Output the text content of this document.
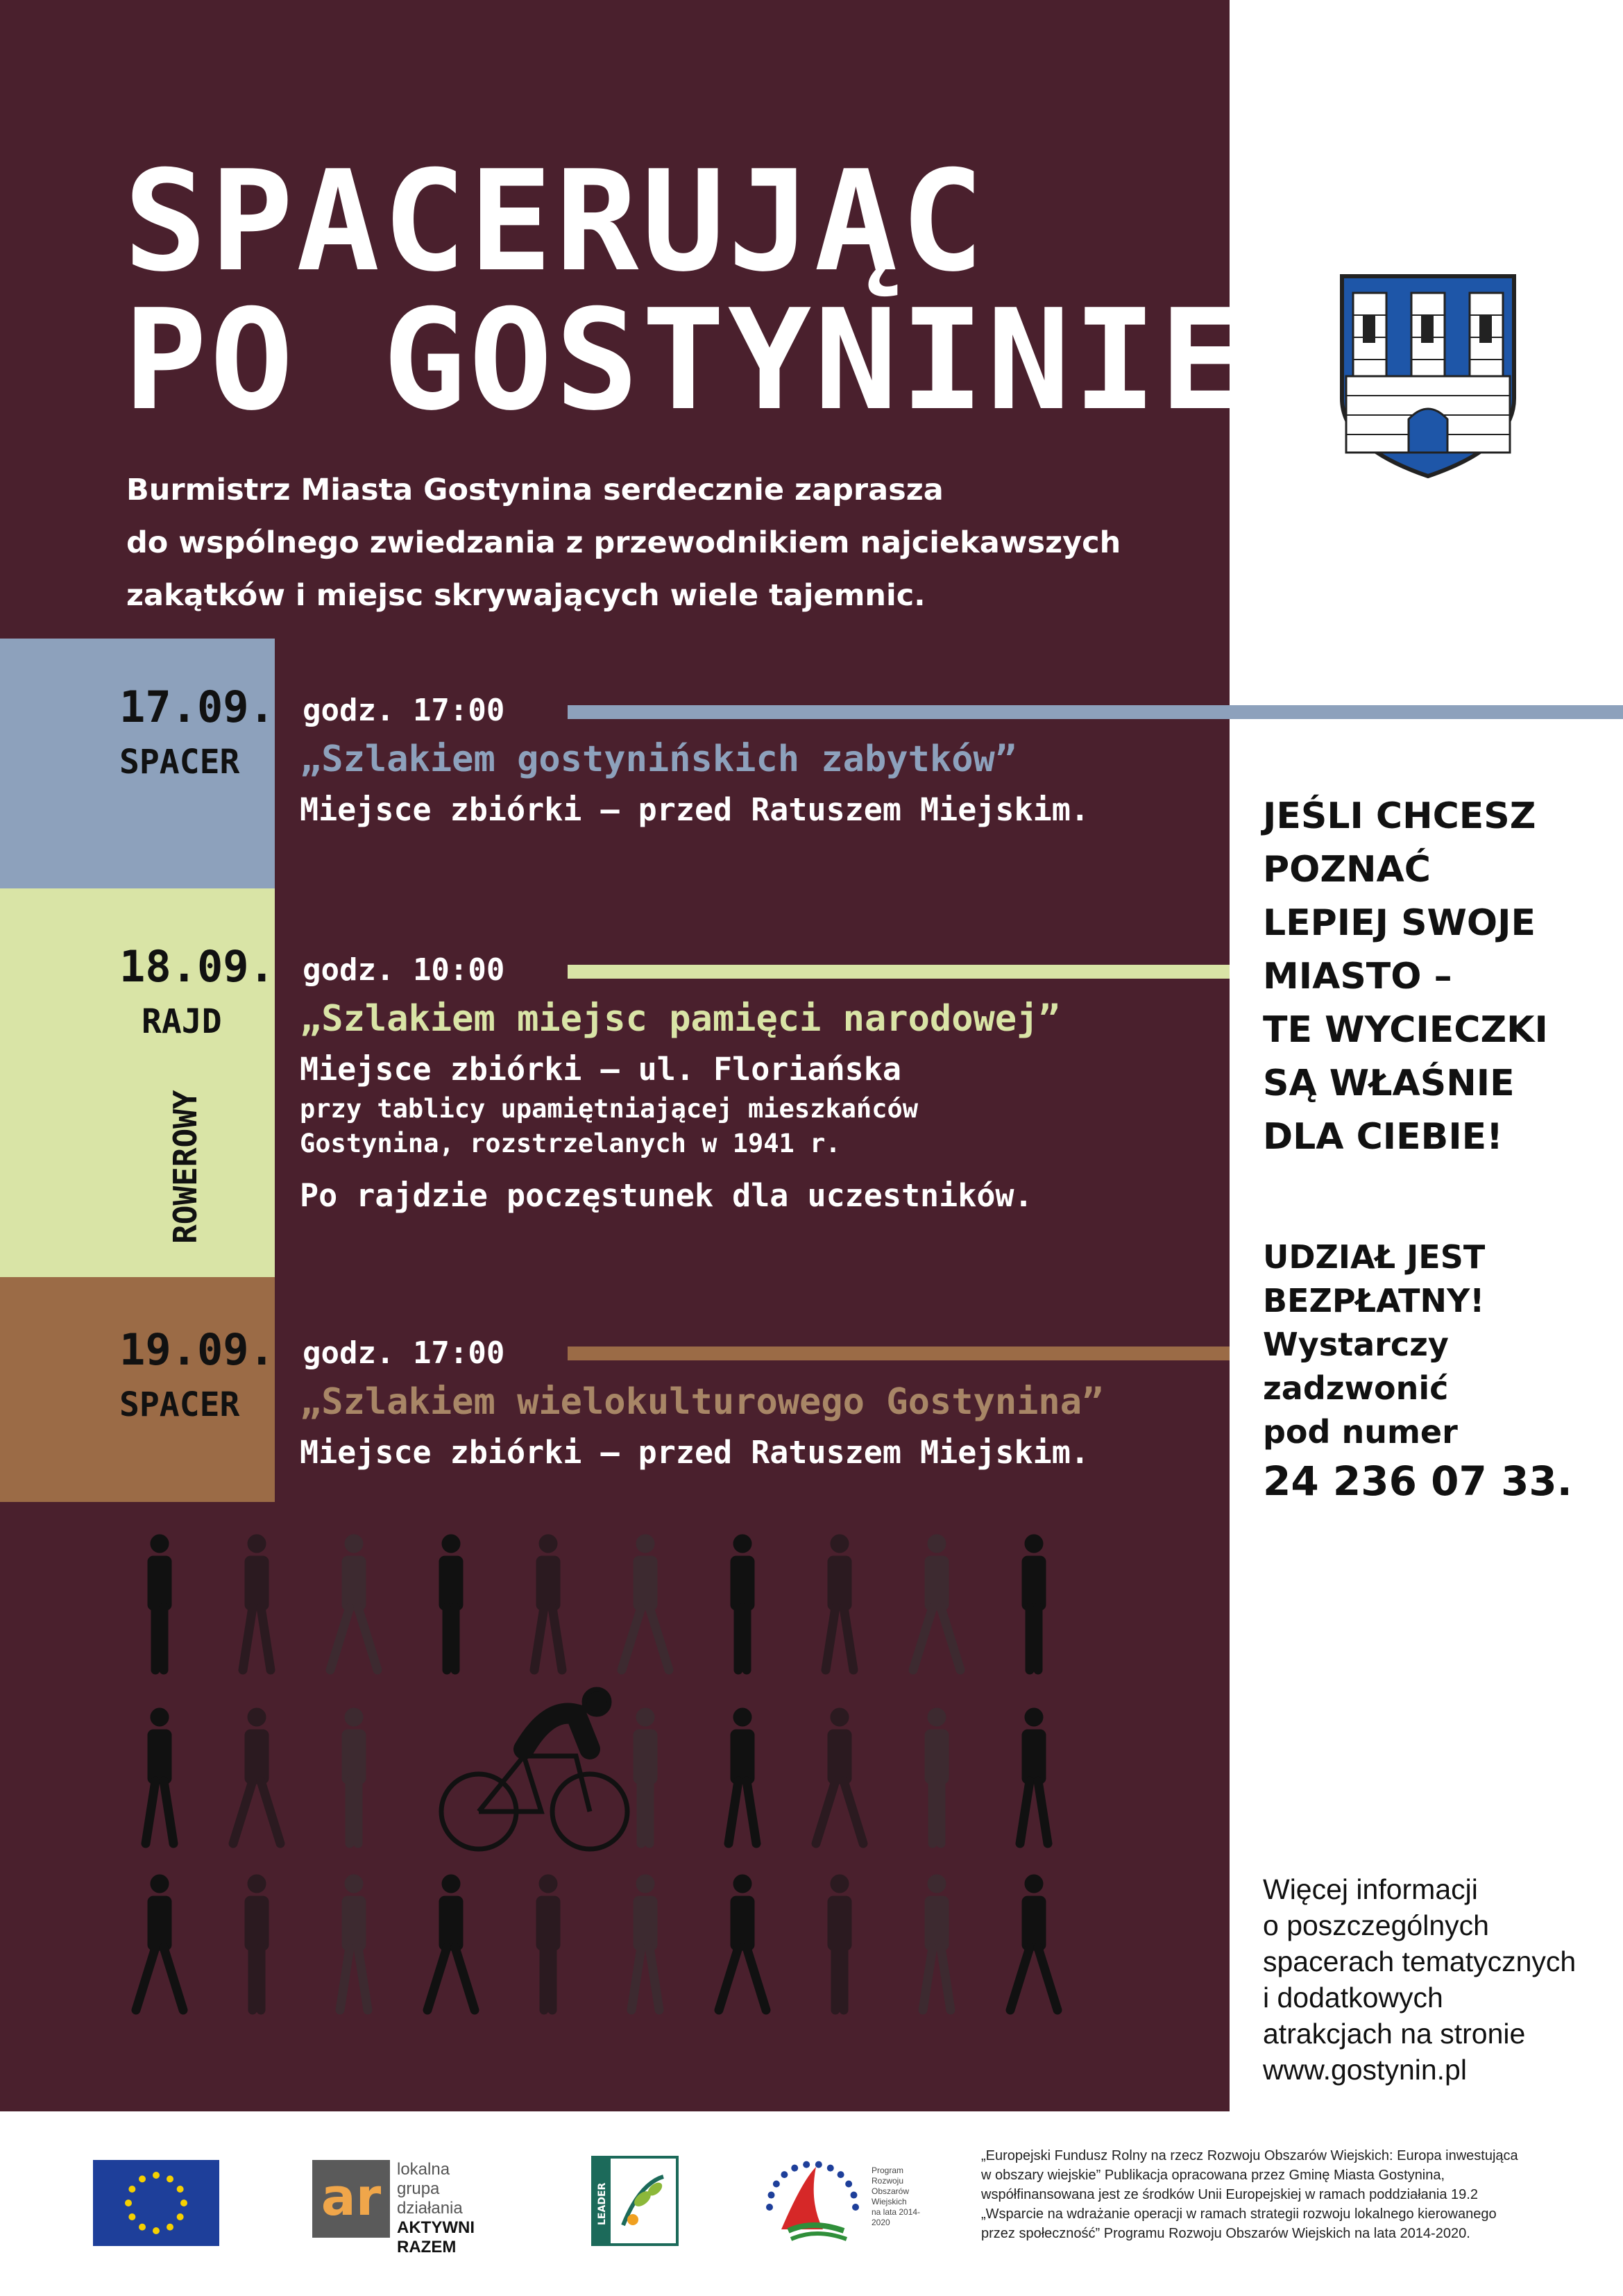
SPACERUJĄC
PO GOSTYNINIE
Burmistrz Miasta Gostynina serdecznie zaprasza
do wspólnego zwiedzania z przewodnikiem najciekawszych
zakątków i miejsc skrywających wiele tajemnic.
17.09.
SPACER
godz. 17:00
„Szlakiem gostynińskich zabytków”
Miejsce zbiórki – przed Ratuszem Miejskim.
18.09.
RAJD
ROWEROWY
godz. 10:00
„Szlakiem miejsc pamięci narodowej”
Miejsce zbiórki – ul. Floriańska
przy tablicy upamiętniającej mieszkańców
Gostynina, rozstrzelanych w 1941 r.
Po rajdzie poczęstunek dla uczestników.
19.09.
SPACER
godz. 17:00
„Szlakiem wielokulturowego Gostynina”
Miejsce zbiórki – przed Ratuszem Miejskim.
JEŚLI CHCESZ
POZNAĆ
LEPIEJ SWOJE
MIASTO –
TE WYCIECZKI
SĄ WŁAŚNIE
DLA CIEBIE!
UDZIAŁ JEST
BEZPŁATNY!
Wystarczy
zadzwonić
pod numer
24 236 07 33.
Więcej informacji
o poszczególnych
spacerach tematycznych
i dodatkowych
atrakcjach na stronie
www.gostynin.pl
ar lokalna
grupa
działania
AKTYWNI RAZEM
LEADER
Program
Rozwoju
Obszarów
Wiejskich
na lata 2014-2020
„Europejski Fundusz Rolny na rzecz Rozwoju Obszarów Wiejskich: Europa inwestująca
w obszary wiejskie” Publikacja opracowana przez Gminę Miasta Gostynina,
współfinansowana jest ze środków Unii Europejskiej w ramach poddziałania 19.2
„Wsparcie na wdrażanie operacji w ramach strategii rozwoju lokalnego kierowanego
przez społeczność” Programu Rozwoju Obszarów Wiejskich na lata 2014-2020.
